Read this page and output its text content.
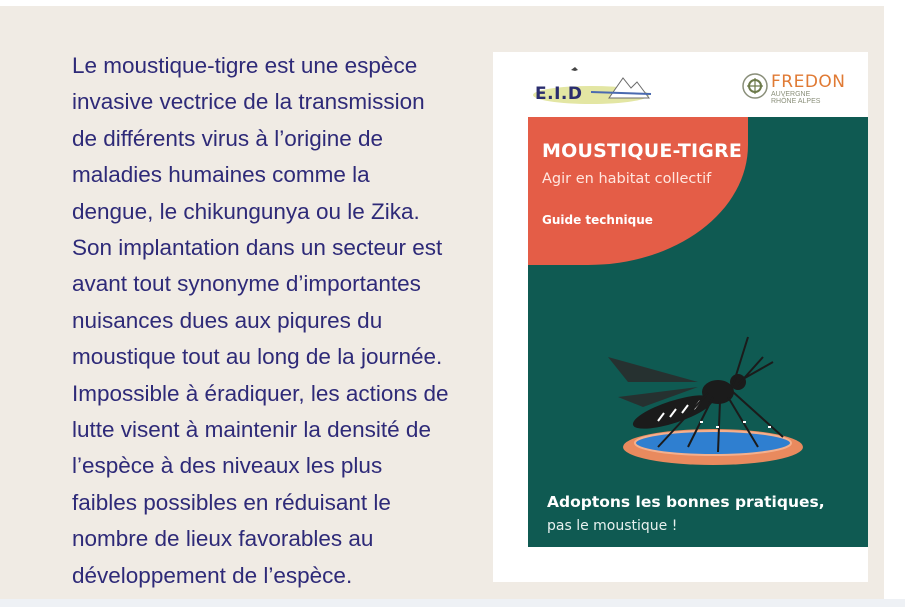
Le moustique-tigre est une espèce
invasive vectrice de la transmission
de différents virus à l’origine de
maladies humaines comme la
dengue, le chikungunya ou le Zika.
Son implantation dans un secteur est
avant tout synonyme d’importantes
nuisances dues aux piqures du
moustique tout au long de la journée.
Impossible à éradiquer, les actions de
lutte visent à maintenir la densité de
l’espèce à des niveaux les plus
faibles possibles en réduisant le
nombre de lieux favorables au
développement de l’espèce.
E.I.D
FREDON
AUVERGNE
RHÔNE ALPES
MOUSTIQUE-TIGRE
Agir en habitat collectif
Guide technique
Adoptons les bonnes pratiques,
pas le moustique !
